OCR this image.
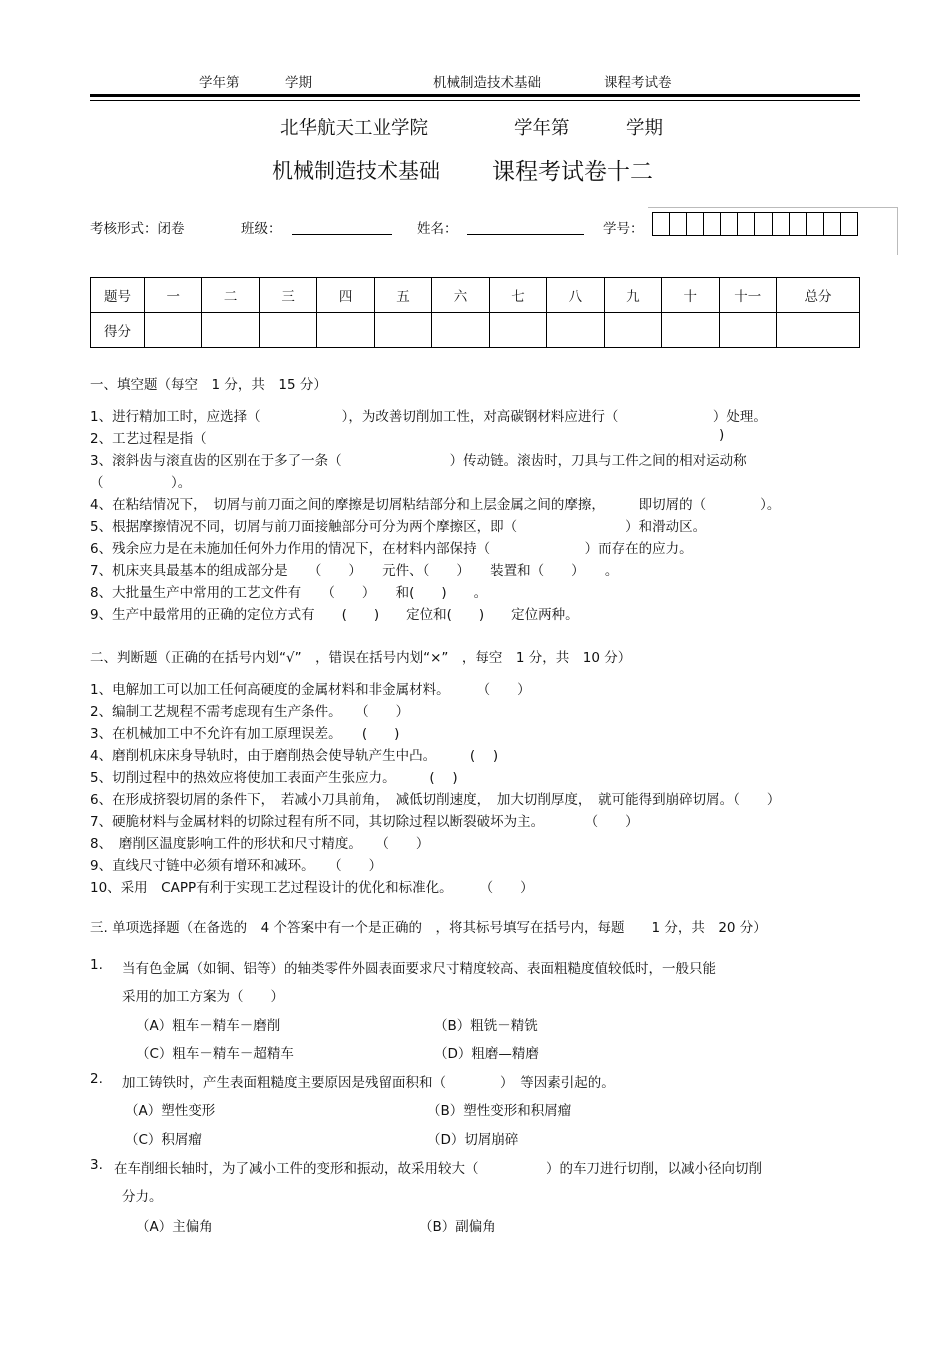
学年第	学期	机械制造技术基础	课程考试卷
北华航天工业学院	学年第	学期
机械制造技术基础 课程考试卷十二
考核形式：闭卷	班级：	姓名：	学号：
题号	一	二	三	四	五	六	七	八	九	十	十一	总分
得分												
一、填空题（每空　1 分，共　15 分）
1、进行精加工时，应选择（　　　　　　），为改善切削加工性，对高碳钢材料应进行（　　　　　　　）处理。
2、工艺过程是指（	)
3、滚斜齿与滚直齿的区别在于多了一条（　　　　　　　　）传动链。滚齿时，刀具与工件之间的相对运动称
（　　　　　）。
4、在粘结情况下，　切屑与前刀面之间的摩擦是切屑粘结部分和上层金属之间的摩擦，　　　即切屑的（　　　　）。
5、根据摩擦情况不同，切屑与前刀面接触部分可分为两个摩擦区，即（　　　　　　　　）和滑动区。
6、残余应力是在未施加任何外力作用的情况下，在材料内部保持（　　　　　　　）而存在的应力。
7、机床夹具最基本的组成部分是　　（　　）　　元件、（　　）　　装置和（　　）　　。
8、大批量生产中常用的工艺文件有　　（　　）　　和(　　)　　。
9、生产中最常用的正确的定位方式有　　(　　)　　定位和(　　)　　定位两种。
二、判断题（正确的在括号内划“√”　，错误在括号内划“×”　，每空　1 分，共　10 分）
1、电解加工可以加工任何高硬度的金属材料和非金属材料。　　　（　　）
2、编制工艺规程不需考虑现有生产条件。　　（　　）
3、在机械加工中不允许有加工原理误差。　　(　　)
4、磨削机床床身导轨时，由于磨削热会使导轨产生中凸。　　　(　 )
5、切削过程中的热效应将使加工表面产生张应力。　　　(　 )
6、在形成挤裂切屑的条件下，　若减小刀具前角，　减低切削速度，　加大切削厚度，　就可能得到崩碎切屑。（　　）
7、硬脆材料与金属材料的切除过程有所不同，其切除过程以断裂破坏为主。　　　　（　　）
8、　磨削区温度影响工件的形状和尺寸精度。　　（　　）
9、直线尺寸链中必须有增环和减环。　　（　　）
10、采用　CAPP有利于实现工艺过程设计的优化和标准化。　　　（　　）
三. 单项选择题（在备选的　4 个答案中有一个是正确的　，将其标号填写在括号内，每题　　1 分，共　20 分）
1. 当有色金属（如铜、铝等）的轴类零件外圆表面要求尺寸精度较高、表面粗糙度值较低时，一般只能
采用的加工方案为（　　）
（A）粗车－精车－磨削	（B）粗铣－精铣
（C）粗车－精车－超精车	（D）粗磨—精磨
2. 加工铸铁时，产生表面粗糙度主要原因是残留面积和（　　　　）　等因素引起的。
（A）塑性变形	（B）塑性变形和积屑瘤
（C）积屑瘤	（D）切屑崩碎
3. 在车削细长轴时，为了减小工件的变形和振动，故采用较大（　　　　　）的车刀进行切削，以减小径向切削
分力。
（A）主偏角	（B）副偏角
